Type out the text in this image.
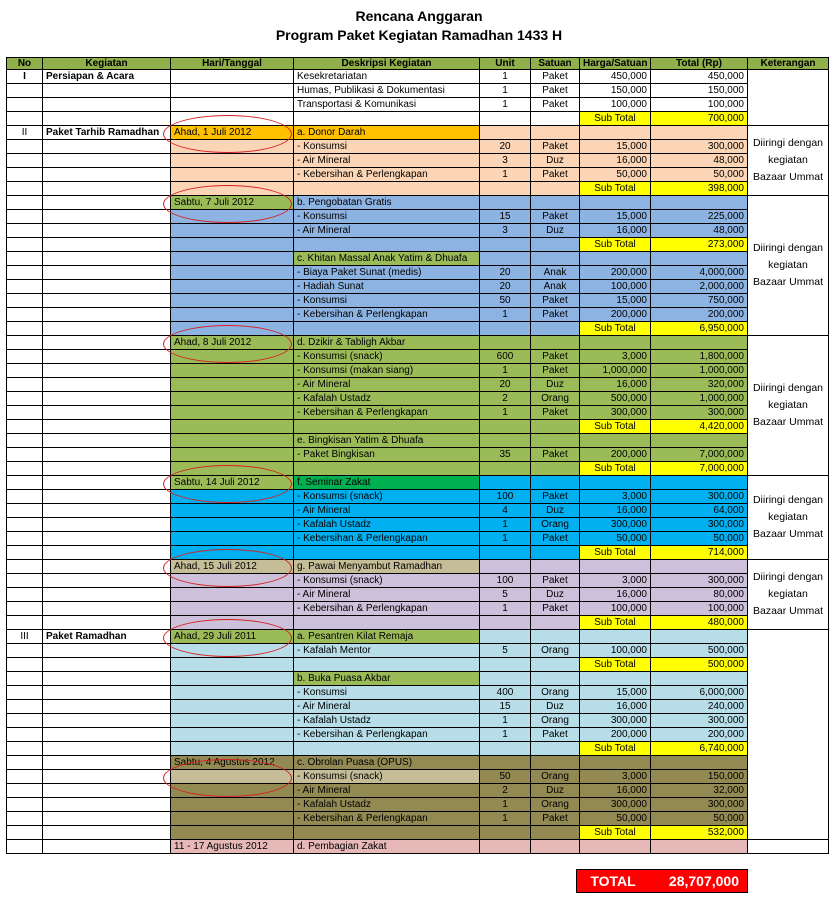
Rencana Anggaran
Program Paket Kegiatan Ramadhan 1433 H
No	Kegiatan	Hari/Tanggal	Deskripsi Kegiatan	Unit	Satuan	Harga/Satuan	Total (Rp)	Keterangan
I	Persiapan & Acara		Kesekretariatan	1	Paket	450,000	450,000	
			Humas, Publikasi & Dokumentasi	1	Paket	150,000	150,000	
			Transportasi & Komunikasi	1	Paket	100,000	100,000	
						Sub Total	700,000	
II	Paket Tarhib Ramadhan	Ahad, 1 Juli 2012	a. Donor Darah					Diiringi dengan kegiatan Bazaar Ummat
			- Konsumsi	20	Paket	15,000	300,000	
			- Air Mineral	3	Duz	16,000	48,000	
			- Kebersihan & Perlengkapan	1	Paket	50,000	50,000	
						Sub Total	398,000	
		Sabtu, 7 Juli 2012	b. Pengobatan Gratis					Diiringi dengan kegiatan Bazaar Ummat
			- Konsumsi	15	Paket	15,000	225,000	
			- Air Mineral	3	Duz	16,000	48,000	
						Sub Total	273,000	
			c. Khitan Massal Anak Yatim & Dhuafa					
			- Biaya Paket Sunat (medis)	20	Anak	200,000	4,000,000	
			- Hadiah Sunat	20	Anak	100,000	2,000,000	
			- Konsumsi	50	Paket	15,000	750,000	
			- Kebersihan & Perlengkapan	1	Paket	200,000	200,000	
						Sub Total	6,950,000	
		Ahad, 8 Juli 2012	d. Dzikir & Tabligh Akbar					Diiringi dengan kegiatan Bazaar Ummat
			- Konsumsi (snack)	600	Paket	3,000	1,800,000	
			- Konsumsi (makan siang)	1	Paket	1,000,000	1,000,000	
			- Air Mineral	20	Duz	16,000	320,000	
			- Kafalah Ustadz	2	Orang	500,000	1,000,000	
			- Kebersihan & Perlengkapan	1	Paket	300,000	300,000	
						Sub Total	4,420,000	
			e. Bingkisan Yatim & Dhuafa					
			- Paket Bingkisan	35	Paket	200,000	7,000,000	
						Sub Total	7,000,000	
		Sabtu, 14 Juli 2012	f. Seminar Zakat					Diiringi dengan kegiatan Bazaar Ummat
			- Konsumsi (snack)	100	Paket	3,000	300,000	
			- Air Mineral	4	Duz	16,000	64,000	
			- Kafalah Ustadz	1	Orang	300,000	300,000	
			- Kebersihan & Perlengkapan	1	Paket	50,000	50,000	
						Sub Total	714,000	
		Ahad, 15 Juli 2012	g. Pawai Menyambut Ramadhan					Diiringi dengan kegiatan Bazaar Ummat
			- Konsumsi (snack)	100	Paket	3,000	300,000	
			- Air Mineral	5	Duz	16,000	80,000	
			- Kebersihan & Perlengkapan	1	Paket	100,000	100,000	
						Sub Total	480,000	
III	Paket Ramadhan	Ahad, 29 Juli 2011	a. Pesantren Kilat Remaja					
			- Kafalah Mentor	5	Orang	100,000	500,000	
						Sub Total	500,000	
			b. Buka Puasa Akbar					
			- Konsumsi	400	Orang	15,000	6,000,000	
			- Air Mineral	15	Duz	16,000	240,000	
			- Kafalah Ustadz	1	Orang	300,000	300,000	
			- Kebersihan & Perlengkapan	1	Paket	200,000	200,000	
						Sub Total	6,740,000	
		Sabtu, 4 Agustus 2012	c. Obrolan Puasa (OPUS)					
			- Konsumsi (snack)	50	Orang	3,000	150,000	
			- Air Mineral	2	Duz	16,000	32,000	
			- Kafalah Ustadz	1	Orang	300,000	300,000	
			- Kebersihan & Perlengkapan	1	Paket	50,000	50,000	
						Sub Total	532,000	
		11 - 17 Agustus 2012	d. Pembagian Zakat					
TOTAL	28,707,000
